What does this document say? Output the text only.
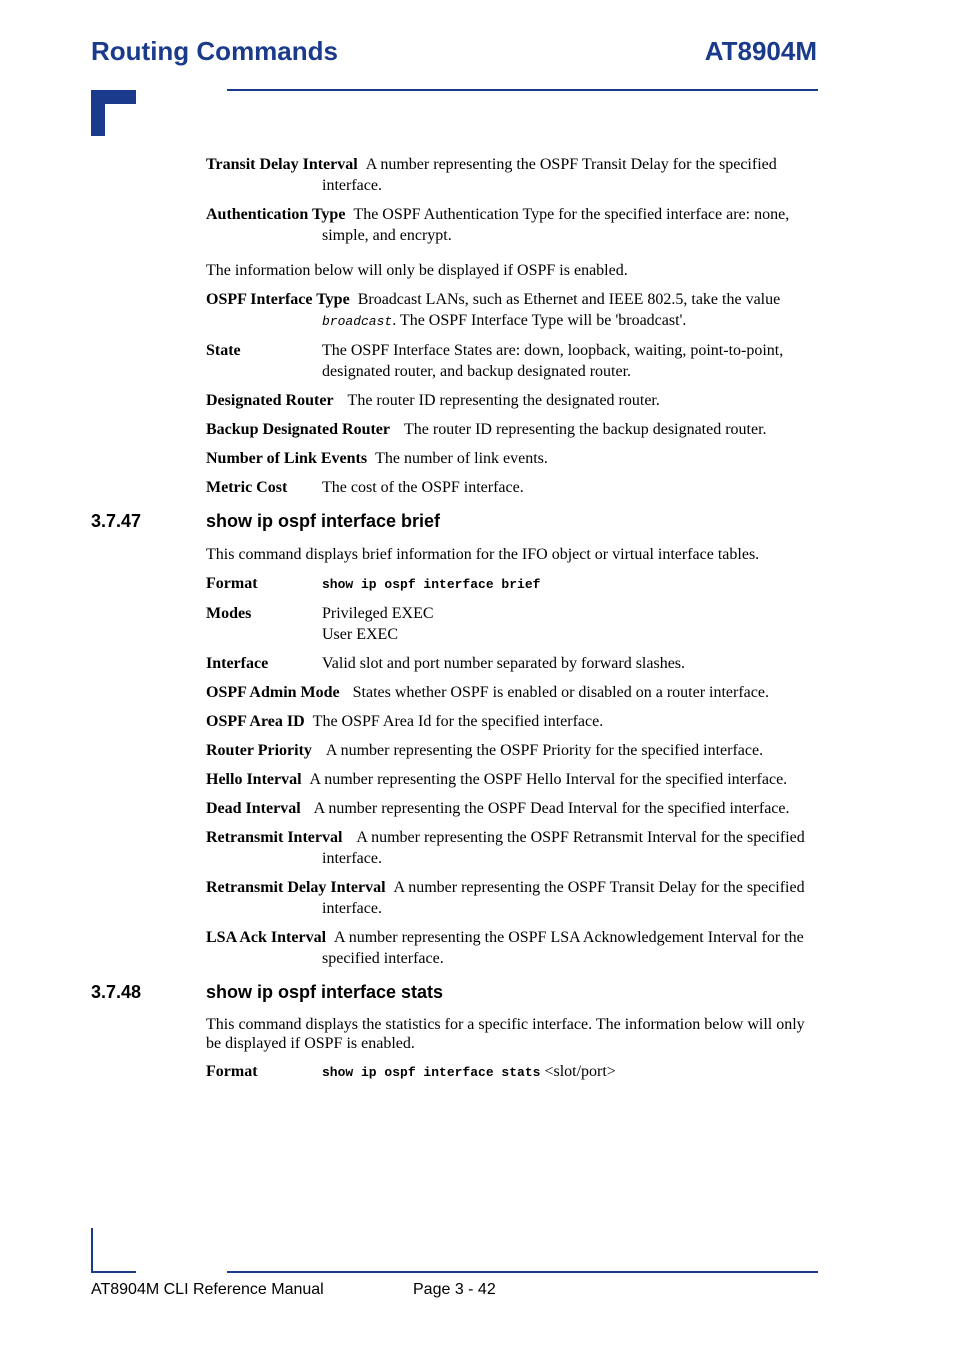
Routing Commands	AT8904M

Transit Delay Interval A number representing the OSPF Transit Delay for the specified interface.

Authentication Type The OSPF Authentication Type for the specified interface are: none, simple, and encrypt.

The information below will only be displayed if OSPF is enabled.

OSPF Interface Type Broadcast LANs, such as Ethernet and IEEE 802.5, take the value broadcast. The OSPF Interface Type will be 'broadcast'.

State	The OSPF Interface States are: down, loopback, waiting, point-to-point, designated router, and backup designated router.

Designated Router The router ID representing the designated router.

Backup Designated Router The router ID representing the backup designated router.

Number of Link Events The number of link events.

Metric Cost The cost of the OSPF interface.

3.7.47	show ip ospf interface brief

This command displays brief information for the IFO object or virtual interface tables.

Format	show ip ospf interface brief

Modes	Privileged EXEC
User EXEC

Interface	Valid slot and port number separated by forward slashes.

OSPF Admin Mode States whether OSPF is enabled or disabled on a router interface.

OSPF Area ID The OSPF Area Id for the specified interface.

Router Priority A number representing the OSPF Priority for the specified interface.

Hello Interval A number representing the OSPF Hello Interval for the specified interface.

Dead Interval A number representing the OSPF Dead Interval for the specified interface.

Retransmit Interval A number representing the OSPF Retransmit Interval for the specified interface.

Retransmit Delay Interval A number representing the OSPF Transit Delay for the specified interface.

LSA Ack Interval A number representing the OSPF LSA Acknowledgement Interval for the specified interface.

3.7.48	show ip ospf interface stats

This command displays the statistics for a specific interface. The information below will only be displayed if OSPF is enabled.

Format	show ip ospf interface stats <slot/port>

AT8904M CLI Reference Manual	Page 3 - 42
